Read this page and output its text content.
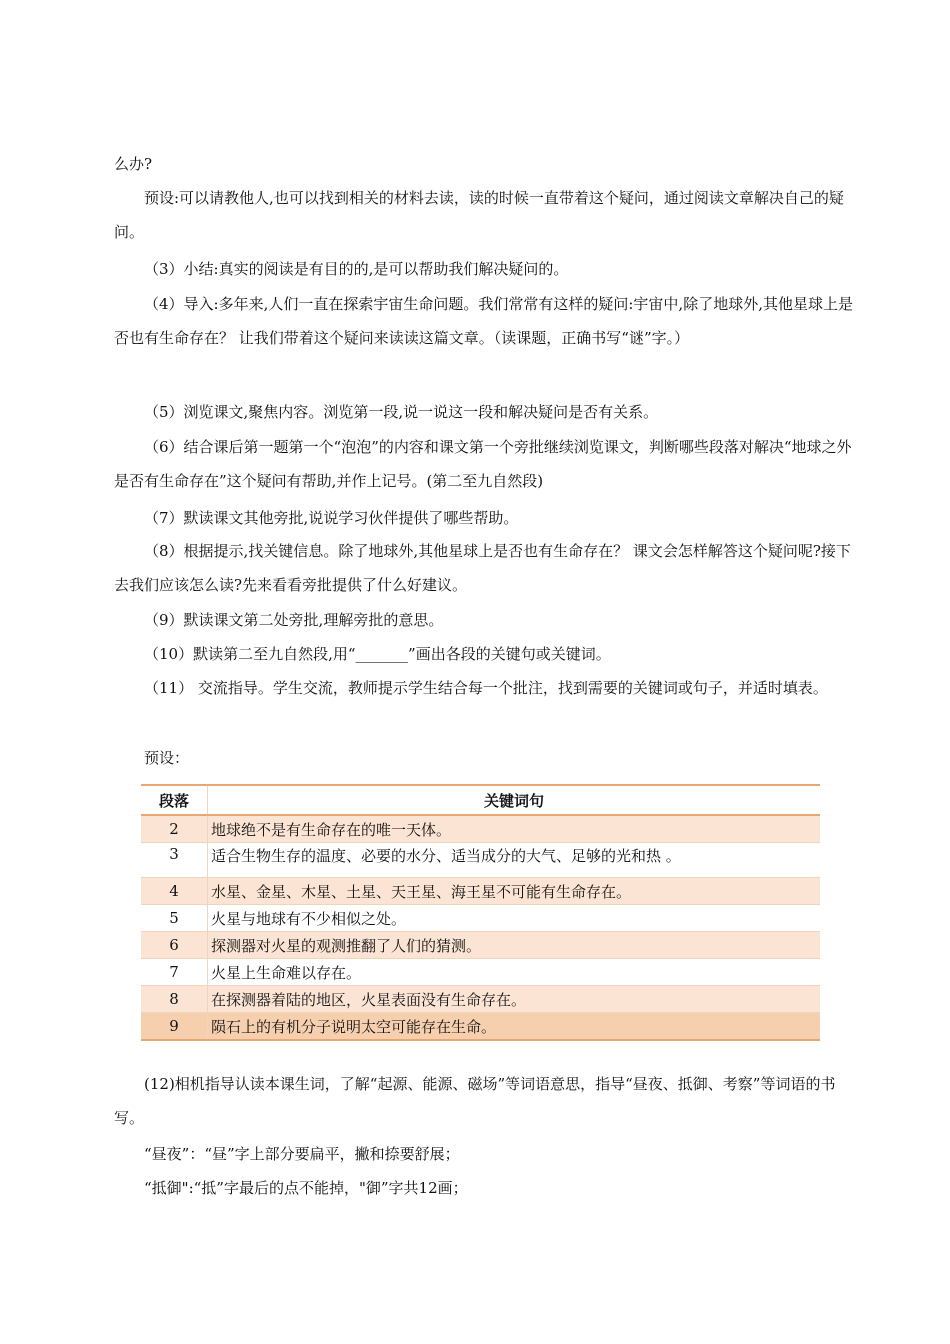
么办?

预设:可以请教他人,也可以找到相关的材料去读，读的时候一直带着这个疑问，通过阅读文章解决自己的疑问。

（3）小结:真实的阅读是有目的的,是可以帮助我们解决疑问的。

（4）导入:多年来,人们一直在探索宇宙生命问题。我们常常有这样的疑问:宇宙中,除了地球外,其他星球上是否也有生命存在？ 让我们带着这个疑问来读读这篇文章。（读课题，正确书写“谜”字。）

（5）浏览课文,聚焦内容。浏览第一段,说一说这一段和解决疑问是否有关系。

（6）结合课后第一题第一个“泡泡”的内容和课文第一个旁批继续浏览课文，判断哪些段落对解决“地球之外是否有生命存在”这个疑问有帮助,并作上记号。(第二至九自然段)

（7）默读课文其他旁批,说说学习伙伴提供了哪些帮助。

（8）根据提示,找关键信息。除了地球外,其他星球上是否也有生命存在？ 课文会怎样解答这个疑问呢?接下去我们应该怎么读?先来看看旁批提供了什么好建议。

（9）默读课文第二处旁批,理解旁批的意思。

（10）默读第二至九自然段,用“_______”画出各段的关键句或关键词。

（11） 交流指导。学生交流，教师提示学生结合每一个批注，找到需要的关键词或句子，并适时填表。

预设：

段落	关键词句
2	地球绝不是有生命存在的唯一天体。
3	适合生物生存的温度、必要的水分、适当成分的大气、足够的光和热 。
4	水星、金星、木星、土星、天王星、海王星不可能有生命存在。
5	火星与地球有不少相似之处。
6	探测器对火星的观测推翻了人们的猜测。
7	火星上生命难以存在。
8	在探测器着陆的地区，火星表面没有生命存在。
9	陨石上的有机分子说明太空可能存在生命。

(12)相机指导认读本课生词，了解“起源、能源、磁场”等词语意思，指导“昼夜、抵御、考察”等词语的书写。

“昼夜”：“昼”字上部分要扁平，撇和捺要舒展；

“抵御":“抵”字最后的点不能掉，"御”字共12画；
